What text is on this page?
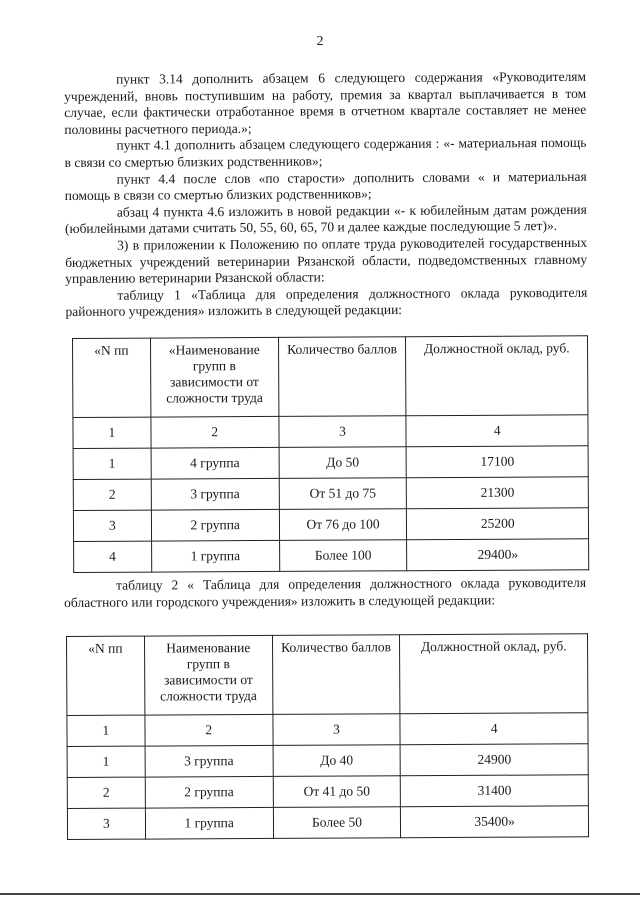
2

пункт 3.14 дополнить абзацем 6 следующего содержания «Руководителям учреждений, вновь поступившим на работу, премия за квартал выплачивается в том случае, если фактически отработанное время в отчетном квартале составляет не менее половины расчетного периода.»;

пункт 4.1 дополнить абзацем следующего содержания : «- материальная помощь в связи со смертью близких родственников»;

пункт 4.4 после слов «по старости» дополнить словами « и материальная помощь в связи со смертью близких родственников»;

абзац 4 пункта 4.6 изложить в новой редакции «- к юбилейным датам рождения (юбилейными датами считать 50, 55, 60, 65, 70 и далее каждые последующие 5 лет)».

3) в приложении к Положению по оплате труда руководителей государственных бюджетных учреждений ветеринарии Рязанской области, подведомственных главному управлению ветеринарии Рязанской области:

таблицу 1 «Таблица для определения должностного оклада руководителя районного учреждения» изложить в следующей редакции:

«N пп	«Наименование групп в зависимости от сложности труда	Количество баллов	Должностной оклад, руб.
1	2	3	4
1	4 группа	До 50	17100
2	3 группа	От 51 до 75	21300
3	2 группа	От 76 до 100	25200
4	1 группа	Более 100	29400»

таблицу 2 « Таблица для определения должностного оклада руководителя областного или городского учреждения» изложить в следующей редакции:

«N пп	Наименование групп в зависимости от сложности труда	Количество баллов	Должностной оклад, руб.
1	2	3	4
1	3 группа	До 40	24900
2	2 группа	От 41 до 50	31400
3	1 группа	Более 50	35400»
